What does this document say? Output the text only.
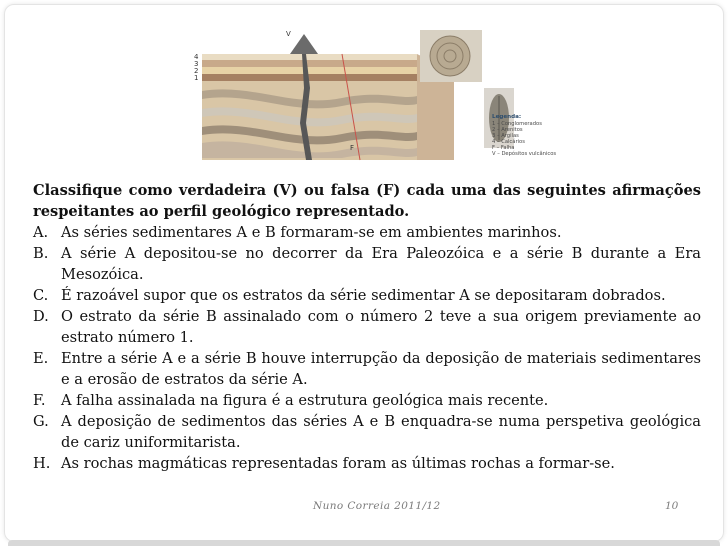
V
4
3
2
1
F
Legenda:
1 – Conglomerados
2 – Arenitos
3 – Argilas
4 – Calcários
F – Falha
V – Depósitos vulcânicos
Classifique como verdadeira (V) ou falsa (F) cada uma das seguintes afirmações respeitantes ao perfil geológico representado.
A. As séries sedimentares A e B formaram-se em ambientes marinhos.
B. A série A depositou-se no decorrer da Era Paleozóica e a série B durante a Era Mesozóica.
C. É razoável supor que os estratos da série sedimentar A se depositaram dobrados.
D. O estrato da série B assinalado com o número 2 teve a sua origem previamente ao estrato número 1.
E. Entre a série A e a série B houve interrupção da deposição de materiais sedimentares e a erosão de estratos da série A.
F.	A falha assinalada na figura é a estrutura geológica mais recente.
G. A deposição de sedimentos das séries A e B enquadra-se numa perspetiva geológica de cariz uniformitarista.
H. As rochas magmáticas representadas foram as últimas rochas a formar-se.
Nuno Correia 2011/12	10
